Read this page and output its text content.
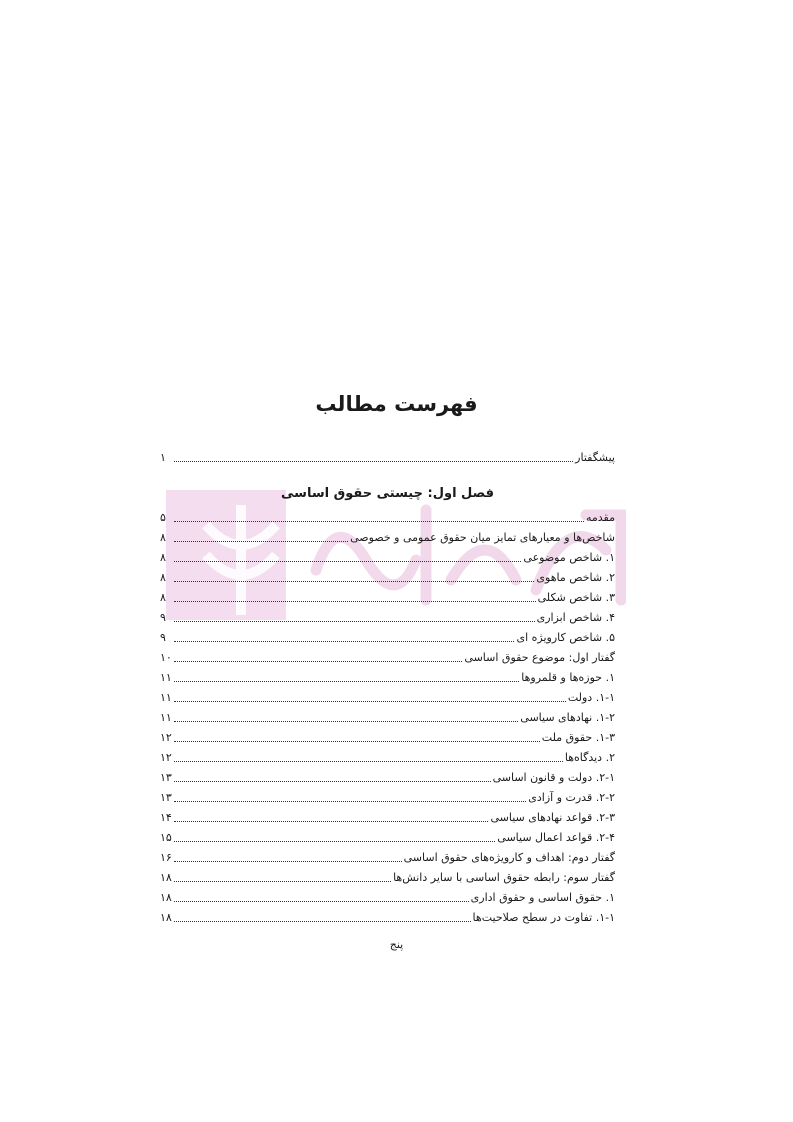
فهرست مطالب
پیشگفتار
۱
فصل اول: چیستی حقوق اساسی
مقدمه
۵
شاخص‌ها و معیارهای تمایز میان حقوق عمومی و خصوصی
۸
۱. شاخص موضوعی
۸
۲. شاخص ماهوی
۸
۳. شاخص شکلی
۸
۴. شاخص ابزاری
۹
۵. شاخص کارویژه ای
۹
گفتار اول: موضوع حقوق اساسی
۱۰
۱. حوزه‌ها و قلمروها
۱۱
۱-۱. دولت
۱۱
۱-۲. نهادهای سیاسی
۱۱
۱-۳. حقوق ملت
۱۲
۲. دیدگاه‌ها
۱۲
۲-۱. دولت و قانون اساسی
۱۳
۲-۲. قدرت و آزادی
۱۳
۲-۳. قواعد نهادهای سیاسی
۱۴
۲-۴. قواعد اعمال سیاسی
۱۵
گفتار دوم: اهداف و کارویژه‌های حقوق اساسی
۱۶
گفتار سوم: رابطه حقوق اساسی با سایر دانش‌ها
۱۸
۱. حقوق اساسی و حقوق اداری
۱۸
۱-۱. تفاوت در سطح صلاحیت‌ها
۱۸
پنج
